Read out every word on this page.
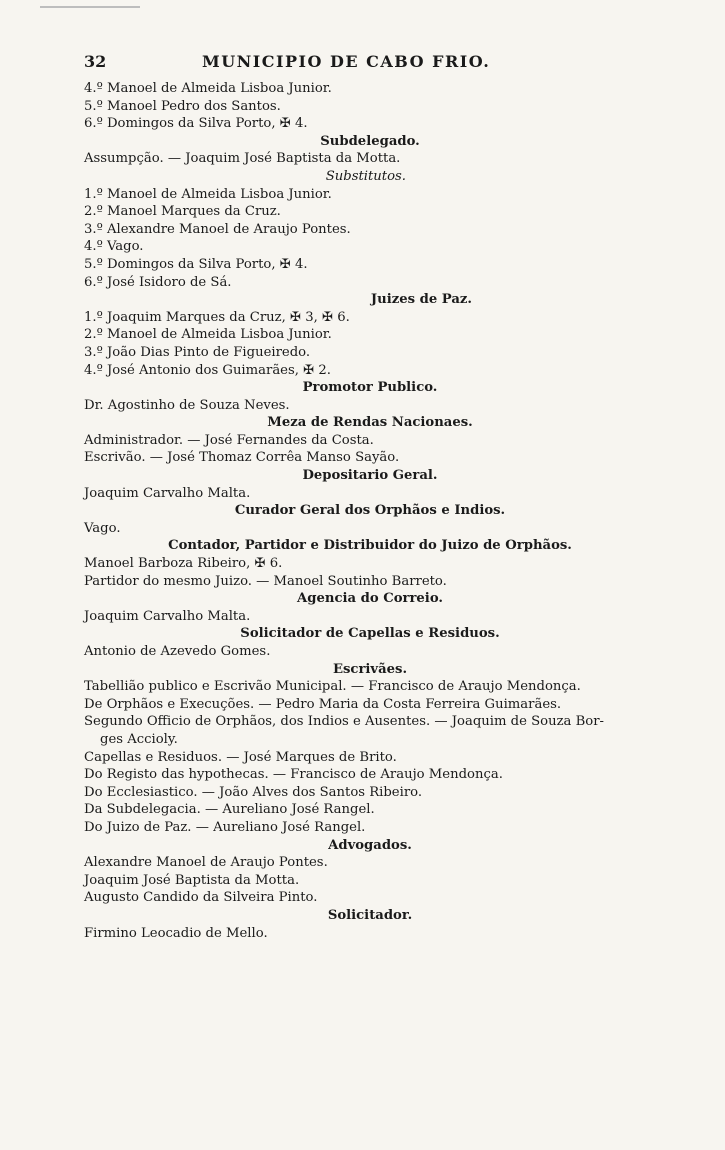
32	MUNICIPIO DE CABO FRIO.
4.º Manoel de Almeida Lisboa Junior.
5.º Manoel Pedro dos Santos.
6.º Domingos da Silva Porto, ✠ 4.
Subdelegado.
Assumpção. — Joaquim José Baptista da Motta.
Substitutos.
1.º Manoel de Almeida Lisboa Junior.
2.º Manoel Marques da Cruz.
3.º Alexandre Manoel de Araujo Pontes.
4.º Vago.
5.º Domingos da Silva Porto, ✠ 4.
6.º José Isidoro de Sá.
Juizes de Paz.
1.º Joaquim Marques da Cruz, ✠ 3, ✠ 6.
2.º Manoel de Almeida Lisboa Junior.
3.º João Dias Pinto de Figueiredo.
4.º José Antonio dos Guimarães, ✠ 2.
Promotor Publico.
Dr. Agostinho de Souza Neves.
Meza de Rendas Nacionaes.
Administrador. — José Fernandes da Costa.
Escrivão. — José Thomaz Corrêa Manso Sayão.
Depositario Geral.
Joaquim Carvalho Malta.
Curador Geral dos Orphãos e Indios.
Vago.
Contador, Partidor e Distribuidor do Juizo de Orphãos.
Manoel Barboza Ribeiro, ✠ 6.
Partidor do mesmo Juizo. — Manoel Soutinho Barreto.
Agencia do Correio.
Joaquim Carvalho Malta.
Solicitador de Capellas e Residuos.
Antonio de Azevedo Gomes.
Escrivães.
Tabellião publico e Escrivão Municipal. — Francisco de Araujo Mendonça.
De Orphãos e Execuções. — Pedro Maria da Costa Ferreira Guimarães.
Segundo Officio de Orphãos, dos Indios e Ausentes. — Joaquim de Souza Bor-
ges Accioly.
Capellas e Residuos. — José Marques de Brito.
Do Registo das hypothecas. — Francisco de Araujo Mendonça.
Do Ecclesiastico. — João Alves dos Santos Ribeiro.
Da Subdelegacia. — Aureliano José Rangel.
Do Juizo de Paz. — Aureliano José Rangel.
Advogados.
Alexandre Manoel de Araujo Pontes.
Joaquim José Baptista da Motta.
Augusto Candido da Silveira Pinto.
Solicitador.
Firmino Leocadio de Mello.
